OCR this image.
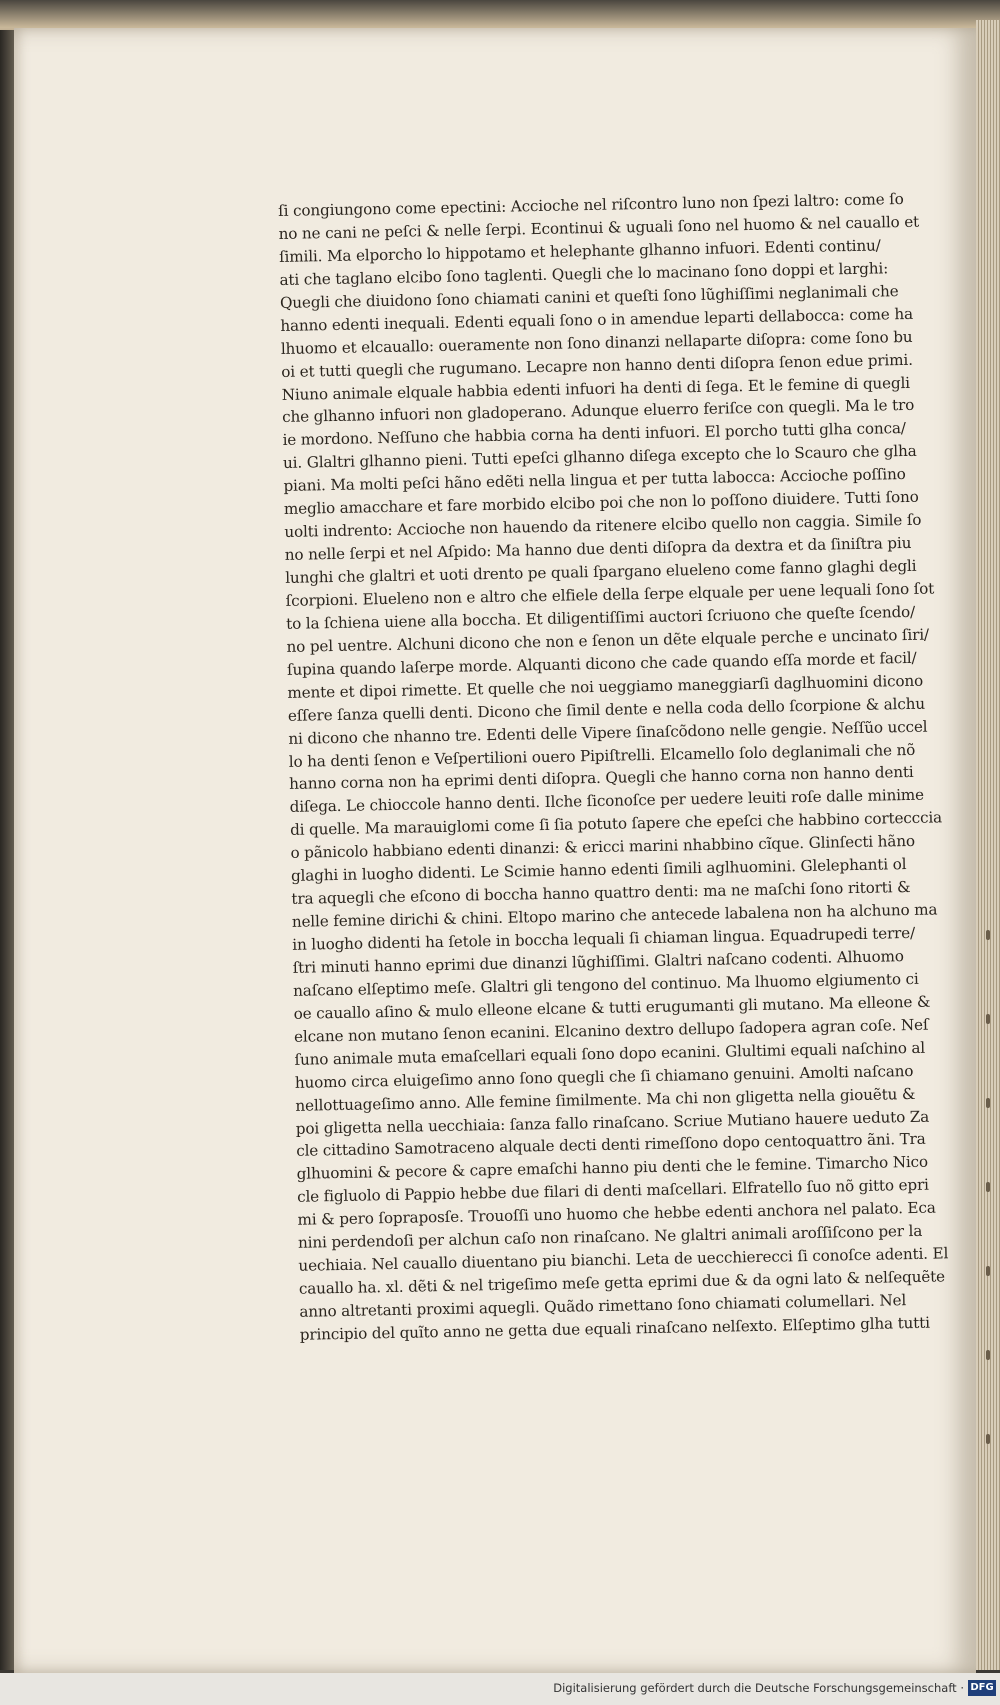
ſi congiungono come epectini: Accioche nel riſcontro luno non ſpezi laltro: come ſo
no ne cani ne peſci & nelle ſerpi. Econtinui & uguali ſono nel huomo & nel cauallo et
ſimili. Ma elporcho lo hippotamo et helephante glhanno infuori. Edenti continu/
ati che taglano elcibo ſono taglenti. Quegli che lo macinano ſono doppi et larghi:
Quegli che diuidono ſono chiamati canini et queſti ſono lũghiſſimi neglanimali che
hanno edenti inequali. Edenti equali ſono o in amendue leparti dellabocca: come ha
lhuomo et elcauallo: oueramente non ſono dinanzi nellaparte diſopra: come ſono bu
oi et tutti quegli che rugumano. Lecapre non hanno denti diſopra ſenon edue primi.
Niuno animale elquale habbia edenti infuori ha denti di ſega. Et le femine di quegli
che glhanno infuori non gladoperano. Adunque eluerro feriſce con quegli. Ma le tro
ie mordono. Neſſuno che habbia corna ha denti infuori. El porcho tutti glha conca/
ui. Glaltri glhanno pieni. Tutti epeſci glhanno diſega excepto che lo Scauro che glha
piani. Ma molti peſci hãno edẽti nella lingua et per tutta labocca: Accioche poſſino
meglio amacchare et fare morbido elcibo poi che non lo poſſono diuidere. Tutti ſono
uolti indrento: Accioche non hauendo da ritenere elcibo quello non caggia. Simile ſo
no nelle ſerpi et nel Aſpido: Ma hanno due denti diſopra da dextra et da ſiniſtra piu
lunghi che glaltri et uoti drento pe quali ſpargano elueleno come fanno glaghi degli
ſcorpioni. Elueleno non e altro che elfiele della ſerpe elquale per uene lequali ſono ſot
to la ſchiena uiene alla boccha. Et diligentiſſimi auctori ſcriuono che queſte ſcendo/
no pel uentre. Alchuni dicono che non e ſenon un dẽte elquale perche e uncinato ſiri/
ſupina quando laſerpe morde. Alquanti dicono che cade quando eſſa morde et facil/
mente et dipoi rimette. Et quelle che noi ueggiamo maneggiarſi daglhuomini dicono
eſſere ſanza quelli denti. Dicono che ſimil dente e nella coda dello ſcorpione & alchu
ni dicono che nhanno tre. Edenti delle Vipere ſinaſcõdono nelle gengie. Neſſũo uccel
lo ha denti ſenon e Veſpertilioni ouero Pipiſtrelli. Elcamello ſolo deglanimali che nõ
hanno corna non ha eprimi denti diſopra. Quegli che hanno corna non hanno denti
diſega. Le chioccole hanno denti. Ilche ſiconoſce per uedere leuiti roſe dalle minime
di quelle. Ma marauiglomi come ſi ſia potuto ſapere che epeſci che habbino cortecccia
o pãnicolo habbiano edenti dinanzi: & ericci marini nhabbino cĩque. Glinſecti hãno
glaghi in luogho didenti. Le Scimie hanno edenti ſimili aglhuomini. Glelephanti ol
tra aquegli che eſcono di boccha hanno quattro denti: ma ne maſchi ſono ritorti &
nelle femine dirichi & chini. Eltopo marino che antecede labalena non ha alchuno ma
in luogho didenti ha ſetole in boccha lequali ſi chiaman lingua. Equadrupedi terre/
ſtri minuti hanno eprimi due dinanzi lũghiſſimi. Glaltri naſcano codenti. Alhuomo
naſcano elſeptimo meſe. Glaltri gli tengono del continuo. Ma lhuomo elgiumento ci
oe cauallo aſino & mulo elleone elcane & tutti erugumanti gli mutano. Ma elleone &
elcane non mutano ſenon ecanini. Elcanino dextro dellupo ſadopera agran coſe. Neſ
ſuno animale muta emaſcellari equali ſono dopo ecanini. Glultimi equali naſchino al
huomo circa eluigeſimo anno ſono quegli che ſi chiamano genuini. Amolti naſcano
nellottuageſimo anno. Alle femine ſimilmente. Ma chi non gligetta nella giouẽtu &
poi gligetta nella uecchiaia: ſanza fallo rinaſcano. Scriue Mutiano hauere ueduto Za
cle cittadino Samotraceno alquale decti denti rimeſſono dopo centoquattro ãni. Tra
glhuomini & pecore & capre emaſchi hanno piu denti che le femine. Timarcho Nico
cle figluolo di Pappio hebbe due filari di denti maſcellari. Elfratello ſuo nõ gitto epri
mi & pero ſopraposſe. Trouoſſi uno huomo che hebbe edenti anchora nel palato. Eca
nini perdendoſi per alchun caſo non rinaſcano. Ne glaltri animali aroſſiſcono per la
uechiaia. Nel cauallo diuentano piu bianchi. Leta de uecchierecci ſi conoſce adenti. El
cauallo ha. xl. dẽti & nel trigeſimo meſe getta eprimi due & da ogni lato & nelſequẽte
anno altretanti proximi aquegli. Quãdo rimettano ſono chiamati columellari. Nel
principio del quĩto anno ne getta due equali rinaſcano nelſexto. Elſeptimo glha tutti
Digitalisierung gefördert durch die Deutsche Forschungsgemeinschaft · DFG
